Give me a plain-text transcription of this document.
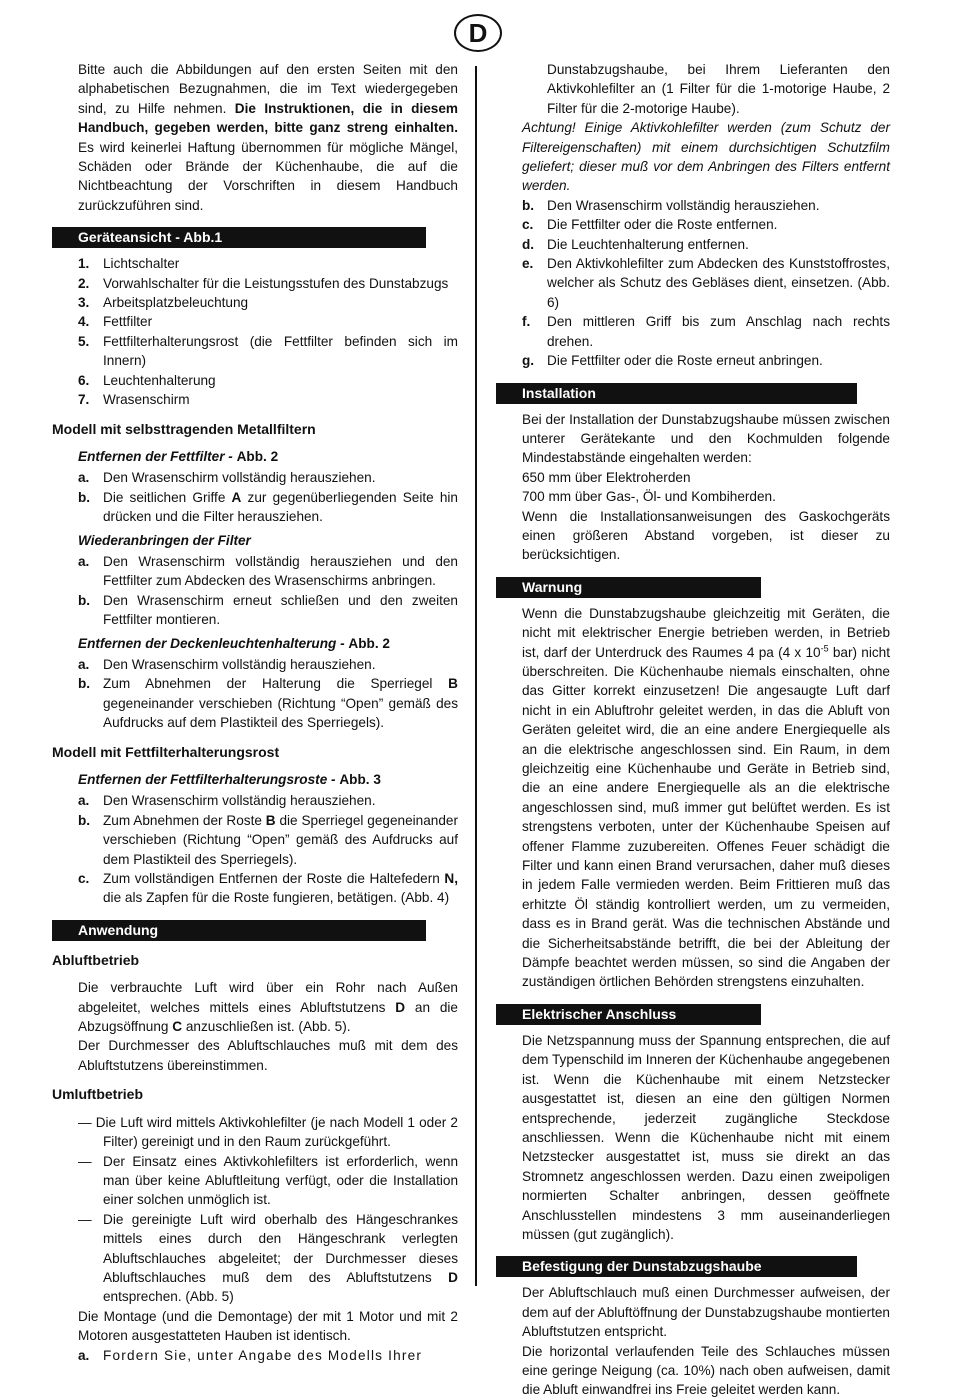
D

Bitte auch die Abbildungen auf den ersten Seiten mit den alphabetischen Bezugnahmen, die im Text wiedergegeben sind, zu Hilfe nehmen. Die Instruktionen, die in diesem Handbuch, gegeben werden, bitte ganz streng einhalten. Es wird keinerlei Haftung übernommen für mögliche Mängel, Schäden oder Brände der Küchenhaube, die auf die Nichtbeachtung der Vorschriften in diesem Handbuch zurückzuführen sind.

Geräteansicht - Abb.1
1.	Lichtschalter
2.	Vorwahlschalter für die Leistungsstufen des Dunstabzugs
3.	Arbeitsplatzbeleuchtung
4.	Fettfilter
5.	Fettfilterhalterungsrost (die Fettfilter befinden sich im Innern)
6.	Leuchtenhalterung
7.	Wrasenschirm
Modell mit selbsttragenden Metallfiltern
Entfernen der Fettfilter - Abb. 2
a.	Den Wrasenschirm vollständig herausziehen.
b. Die seitlichen Griffe A zur gegenüberliegenden Seite hin drücken und die Filter herausziehen.
Wiederanbringen der Filter
a.	Den Wrasenschirm vollständig herausziehen und den Fettfilter zum Abdecken des Wrasenschirms anbringen.
b. Den Wrasenschirm erneut schließen und den zweiten Fettfilter montieren.
Entfernen der Deckenleuchtenhalterung - Abb. 2
a.	Den Wrasenschirm vollständig herausziehen.
b. Zum Abnehmen der Halterung die Sperriegel B gegeneinander verschieben (Richtung “Open” gemäß des Aufdrucks auf dem Plastikteil des Sperriegels).
Modell mit Fettfilterhalterungsrost
Entfernen der Fettfilterhalterungsroste - Abb. 3
a.	Den Wrasenschirm vollständig herausziehen.
b. Zum Abnehmen der Roste B die Sperriegel gegeneinander verschieben (Richtung “Open” gemäß des Aufdrucks auf dem Plastikteil des Sperriegels).
c.	Zum vollständigen Entfernen der Roste die Haltefedern N, die als Zapfen für die Roste fungieren, betätigen. (Abb. 4)
Anwendung
Abluftbetrieb

Die verbrauchte Luft wird über ein Rohr nach Außen abgeleitet, welches mittels eines Abluftstutzens D an die Abzugsöffnung C anzuschließen ist. (Abb. 5).

Der Durchmesser des Abluftschlauches muß mit dem des Abluftstutzens übereinstimmen.

Umluftbetrieb
— Die Luft wird mittels Aktivkohlefilter (je nach Modell 1 oder 2 Filter) gereinigt und in den Raum zurückgeführt.
— Der Einsatz eines Aktivkohlefilters ist erforderlich, wenn man über keine Abluftleitung verfügt, oder die Installation einer solchen unmöglich ist.
— Die gereinigte Luft wird oberhalb des Hängeschrankes mittels eines durch den Hängeschrank verlegten Abluftschlauches abgeleitet; der Durchmesser dieses Abluftschlauches muß dem des Abluftstutzens D entsprechen. (Abb. 5)

Die Montage (und die Demontage) der mit 1 Motor und mit 2 Motoren ausgestatteten Hauben ist identisch.

a.	Fordern Sie, unter Angabe des Modells Ihrer
Dunstabzugshaube, bei Ihrem Lieferanten den Aktivkohlefilter an (1 Filter für die 1-motorige Haube, 2 Filter für die 2-motorige Haube).

Achtung! Einige Aktivkohlefilter werden (zum Schutz der Filtereigenschaften) mit einem durchsichtigen Schutzfilm geliefert; dieser muß vor dem Anbringen des Filters entfernt werden.

b. Den Wrasenschirm vollständig herausziehen.
c.	Die Fettfilter oder die Roste entfernen.
d. Die Leuchtenhalterung entfernen.
e.	Den Aktivkohlefilter zum Abdecken des Kunststoffrostes, welcher als Schutz des Gebläses dient, einsetzen. (Abb. 6)
f.	Den mittleren Griff bis zum Anschlag nach rechts drehen.
g. Die Fettfilter oder die Roste erneut anbringen.
Installation

Bei der Installation der Dunstabzugshaube müssen zwischen unterer Gerätekante und den Kochmulden folgende Mindestabstände eingehalten werden:

650 mm über Elektroherden

700 mm über Gas-, Öl- und Kombiherden.

Wenn die Installationsanweisungen des Gaskochgeräts einen größeren Abstand vorgeben, ist dieser zu berücksichtigen.

Warnung

Wenn die Dunstabzugshaube gleichzeitig mit Geräten, die nicht mit elektrischer Energie betrieben werden, in Betrieb ist, darf der Unterdruck des Raumes 4 pa (4 x $10^{-5}$ bar) nicht überschreiten. Die Küchenhaube niemals einschalten, ohne das Gitter korrekt einzusetzen! Die angesaugte Luft darf nicht in ein Abluftrohr geleitet werden, in das die Abluft von Geräten geleitet wird, die an eine andere Energiequelle als an die elektrische angeschlossen sind. Ein Raum, in dem gleichzeitig eine Küchenhaube und Geräte in Betrieb sind, die an eine andere Energiequelle als an die elektrische angeschlossen sind, muß immer gut belüftet werden. Es ist strengstens verboten, unter der Küchenhaube Speisen auf offener Flamme zuzubereiten. Offenes Feuer schädigt die Filter und kann einen Brand verursachen, daher muß dieses in jedem Falle vermieden werden. Beim Frittieren muß das erhitzte Öl ständig kontrolliert werden, um zu vermeiden, dass es in Brand gerät. Was die technischen Abstände und die Sicherheitsabstände betrifft, die bei der Ableitung der Dämpfe beachtet werden müssen, so sind die Angaben der zuständigen örtlichen Behörden strengstens einzuhalten.

Elektrischer Anschluss

Die Netzspannung muss der Spannung entsprechen, die auf dem Typenschild im Inneren der Küchenhaube angegebenen ist. Wenn die Küchenhaube mit einem Netzstecker ausgestattet ist, diesen an eine den gültigen Normen entsprechende, jederzeit zugängliche Steckdose anschliessen. Wenn die Küchenhaube nicht mit einem Netzstecker ausgestattet ist, muss sie direkt an das Stromnetz angeschlossen werden. Dazu einen zweipoligen normierten Schalter anbringen, dessen geöffnete Anschlusstellen mindestens 3 mm auseinanderliegen müssen (gut zugänglich).

Befestigung der Dunstabzugshaube

Der Abluftschlauch muß einen Durchmesser aufweisen, der dem auf der Abluftöffnung der Dunstabzugshaube montierten Abluftstutzen entspricht.

Die horizontal verlaufenden Teile des Schlauches müssen eine geringe Neigung (ca. 10%) nach oben aufweisen, damit die Abluft einwandfrei ins Freie geleitet werden kann.
